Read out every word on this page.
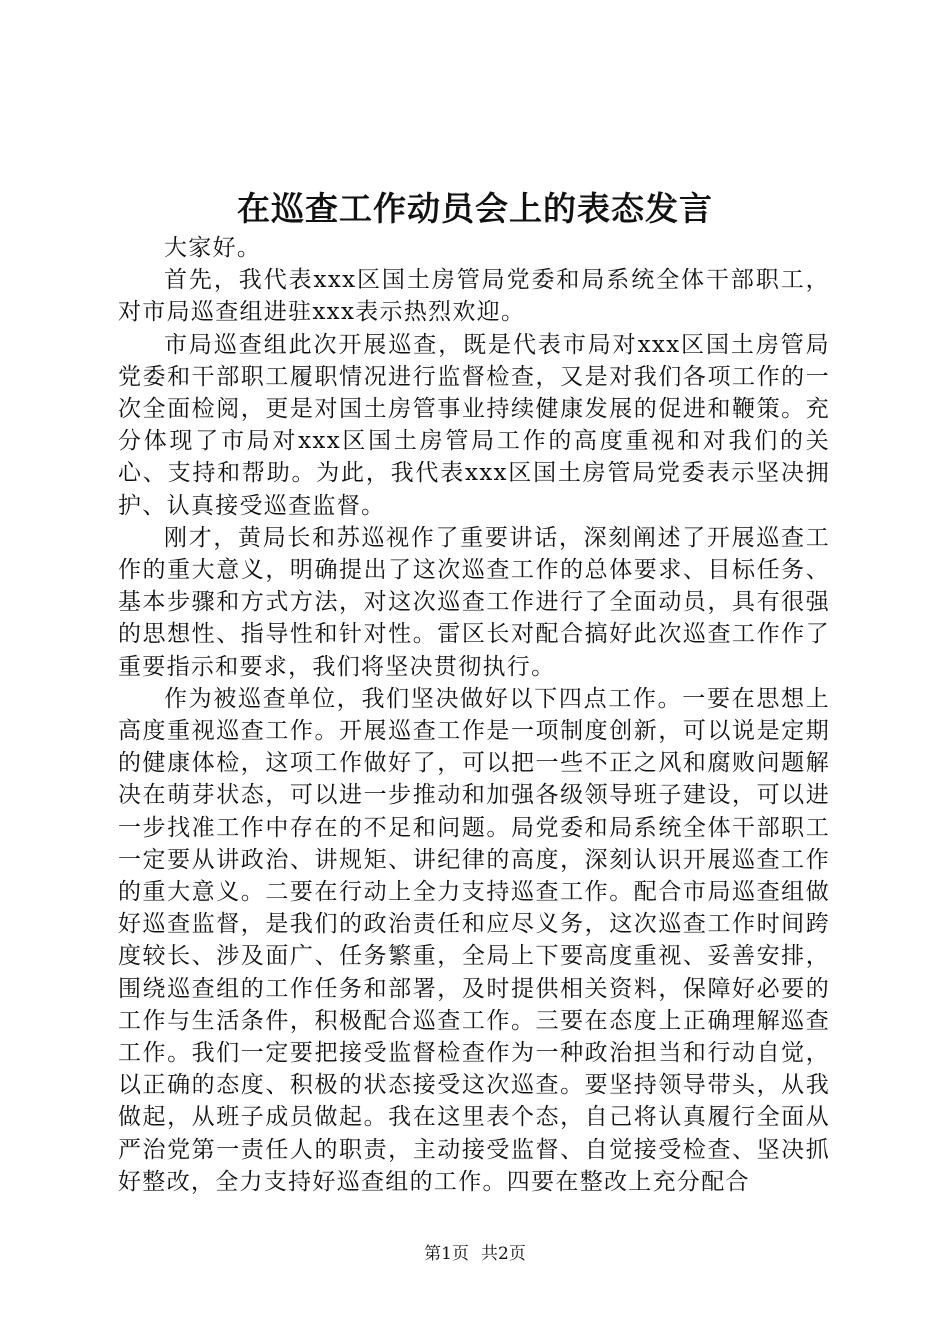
在巡查工作动员会上的表态发言

大家好。

首先，我代表xxx区国土房管局党委和局系统全体干部职工，对市局巡查组进驻xxx表示热烈欢迎。

市局巡查组此次开展巡查，既是代表市局对xxx区国土房管局党委和干部职工履职情况进行监督检查，又是对我们各项工作的一次全面检阅，更是对国土房管事业持续健康发展的促进和鞭策。充分体现了市局对xxx区国土房管局工作的高度重视和对我们的关心、支持和帮助。为此，我代表xxx区国土房管局党委表示坚决拥护、认真接受巡查监督。

刚才，黄局长和苏巡视作了重要讲话，深刻阐述了开展巡查工作的重大意义，明确提出了这次巡查工作的总体要求、目标任务、基本步骤和方式方法，对这次巡查工作进行了全面动员，具有很强的思想性、指导性和针对性。雷区长对配合搞好此次巡查工作作了重要指示和要求，我们将坚决贯彻执行。

作为被巡查单位，我们坚决做好以下四点工作。一要在思想上高度重视巡查工作。开展巡查工作是一项制度创新，可以说是定期的健康体检，这项工作做好了，可以把一些不正之风和腐败问题解决在萌芽状态，可以进一步推动和加强各级领导班子建设，可以进一步找准工作中存在的不足和问题。局党委和局系统全体干部职工一定要从讲政治、讲规矩、讲纪律的高度，深刻认识开展巡查工作的重大意义。二要在行动上全力支持巡查工作。配合市局巡查组做好巡查监督，是我们的政治责任和应尽义务，这次巡查工作时间跨度较长、涉及面广、任务繁重，全局上下要高度重视、妥善安排，围绕巡查组的工作任务和部署，及时提供相关资料，保障好必要的工作与生活条件，积极配合巡查工作。三要在态度上正确理解巡查工作。我们一定要把接受监督检查作为一种政治担当和行动自觉，以正确的态度、积极的状态接受这次巡查。要坚持领导带头，从我做起，从班子成员做起。我在这里表个态，自己将认真履行全面从严治党第一责任人的职责，主动接受监督、自觉接受检查、坚决抓好整改，全力支持好巡查组的工作。四要在整改上充分配合

第1页 共2页
